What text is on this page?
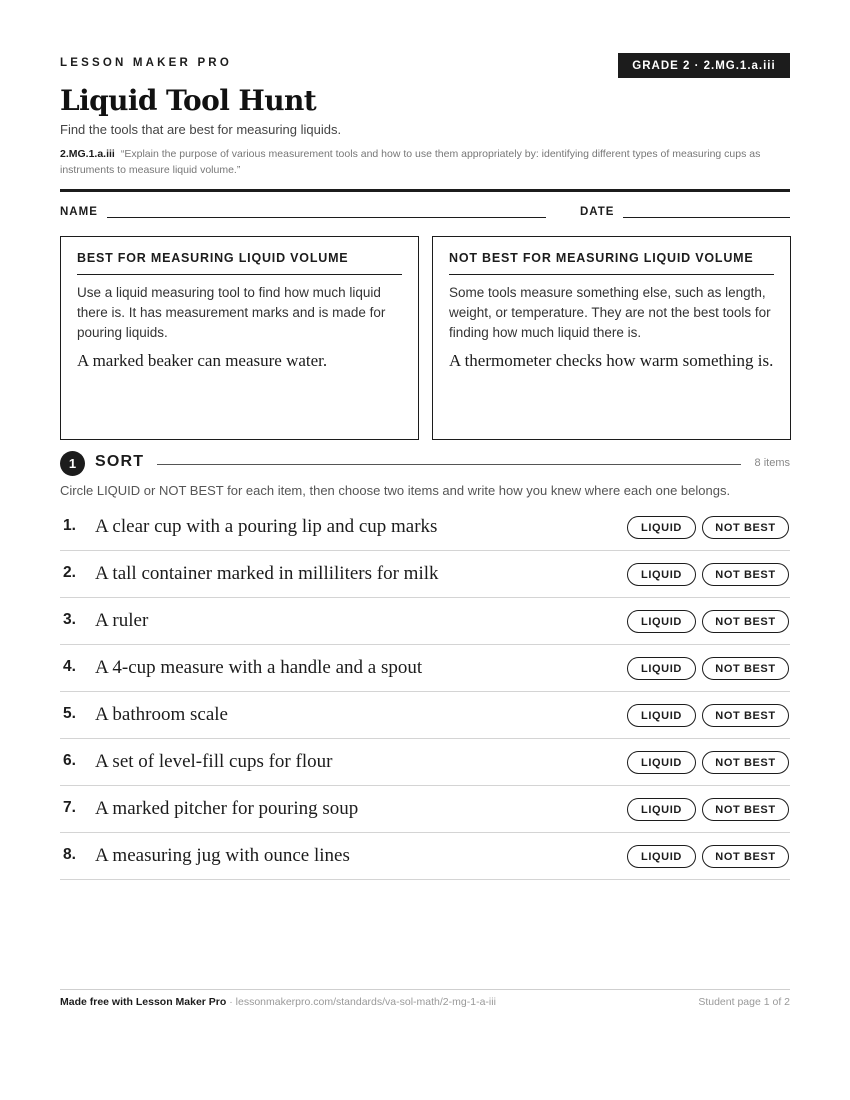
LESSON MAKER PRO	GRADE 2 · 2.MG.1.a.iii
Liquid Tool Hunt
Find the tools that are best for measuring liquids.
2.MG.1.a.iii “Explain the purpose of various measurement tools and how to use them appropriately by: identifying different types of measuring cups as instruments to measure liquid volume.”
NAME	DATE
BEST FOR MEASURING LIQUID VOLUME
Use a liquid measuring tool to find how much liquid there is. It has measurement marks and is made for pouring liquids.
A marked beaker can measure water.
NOT BEST FOR MEASURING LIQUID VOLUME
Some tools measure something else, such as length, weight, or temperature. They are not the best tools for finding how much liquid there is.
A thermometer checks how warm something is.
1	SORT	8 items
Circle LIQUID or NOT BEST for each item, then choose two items and write how you knew where each one belongs.
1. A clear cup with a pouring lip and cup marks	LIQUID	NOT BEST
2. A tall container marked in milliliters for milk	LIQUID	NOT BEST
3. A ruler	LIQUID	NOT BEST
4. A 4-cup measure with a handle and a spout	LIQUID	NOT BEST
5. A bathroom scale	LIQUID	NOT BEST
6. A set of level-fill cups for flour	LIQUID	NOT BEST
7. A marked pitcher for pouring soup	LIQUID	NOT BEST
8. A measuring jug with ounce lines	LIQUID	NOT BEST
Made free with Lesson Maker Pro · lessonmakerpro.com/standards/va-sol-math/2-mg-1-a-iii	Student page 1 of 2
